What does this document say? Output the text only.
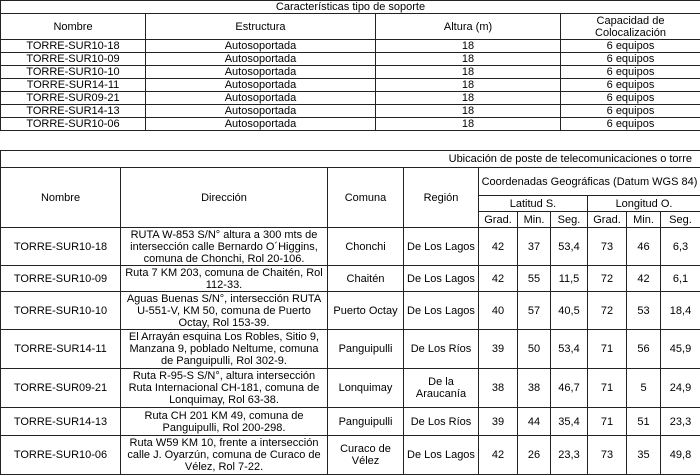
Características tipo de soporte			
Nombre	Estructura	Altura (m)	Capacidad de Colocalización
TORRE-SUR10-18	Autosoportada	18	6 equipos
TORRE-SUR10-09	Autosoportada	18	6 equipos
TORRE-SUR10-10	Autosoportada	18	6 equipos
TORRE-SUR14-11	Autosoportada	18	6 equipos
TORRE-SUR09-21	Autosoportada	18	6 equipos
TORRE-SUR14-13	Autosoportada	18	6 equipos
TORRE-SUR10-06	Autosoportada	18	6 equipos
Ubicación de poste de telecomunicaciones o torre									
Nombre	Dirección	Comuna	Región	Coordenadas Geográficas (Datum WGS 84)					
				Latitud S.			Longitud O.		
				Grad.	Min.	Seg.	Grad.	Min.	Seg.
TORRE-SUR10-18	RUTA W-853 S/N° altura a 300 mts de intersección calle Bernardo O´Higgins, comuna de Chonchi, Rol 20-106.	Chonchi	De Los Lagos	42	37	53,4	73	46	6,3
TORRE-SUR10-09	Ruta 7 KM 203, comuna de Chaitén, Rol 112-33.	Chaitén	De Los Lagos	42	55	11,5	72	42	6,1
TORRE-SUR10-10	Aguas Buenas S/N°, intersección RUTA U-551-V, KM 50, comuna de Puerto Octay, Rol 153-39.	Puerto Octay	De Los Lagos	40	57	40,5	72	53	18,4
TORRE-SUR14-11	El Arrayán esquina Los Robles, Sitio 9, Manzana 9, poblado Neltume, comuna de Panguipulli, Rol 302-9.	Panguipulli	De Los Ríos	39	50	53,4	71	56	45,9
TORRE-SUR09-21	Ruta R-95-S S/N°, altura intersección Ruta Internacional CH-181, comuna de Lonquimay, Rol 63-38.	Lonquimay	De la Araucanía	38	38	46,7	71	5	24,9
TORRE-SUR14-13	Ruta CH 201 KM 49, comuna de Panguipulli, Rol 200-298.	Panguipulli	De Los Ríos	39	44	35,4	71	51	23,3
TORRE-SUR10-06	Ruta W59 KM 10, frente a intersección calle J. Oyarzún, comuna de Curaco de Vélez, Rol 7-22.	Curaco de Vélez	De Los Lagos	42	26	23,3	73	35	49,8
